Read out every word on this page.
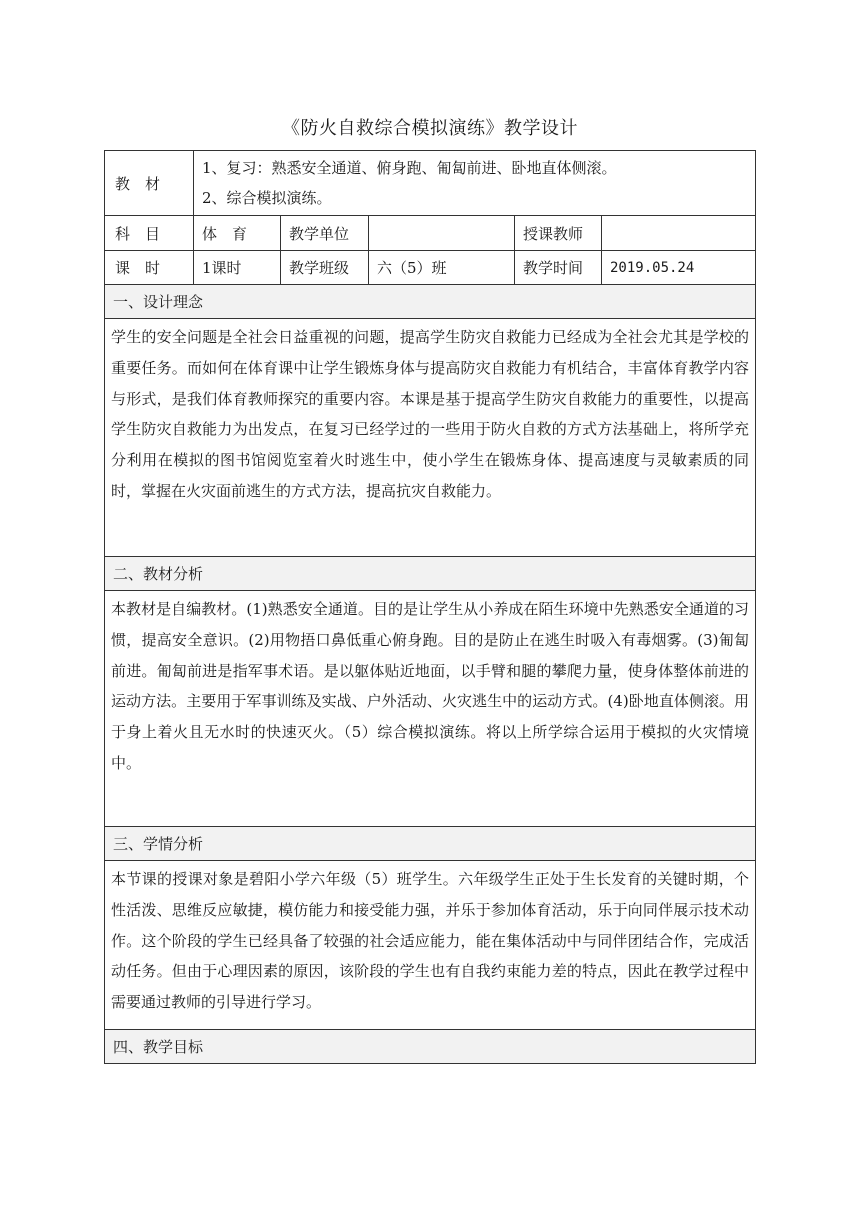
《防火自救综合模拟演练》教学设计
教　材	1、复习：熟悉安全通道、俯身跑、匍匐前进、卧地直体侧滚。
2、综合模拟演练。				

科　目	体　育	教学单位		授课教师	
课　时	1课时	教学班级	六（5）班	教学时间	2019.05.24
一、设计理念					
学生的安全问题是全社会日益重视的问题，提高学生防灾自救能力已经成为全社会尤其是学校的重要任务。而如何在体育课中让学生锻炼身体与提高防灾自救能力有机结合，丰富体育教学内容与形式，是我们体育教师探究的重要内容。本课是基于提高学生防灾自救能力的重要性，以提高学生防灾自救能力为出发点，在复习已经学过的一些用于防火自救的方式方法基础上，将所学充分利用在模拟的图书馆阅览室着火时逃生中，使小学生在锻炼身体、提高速度与灵敏素质的同时，掌握在火灾面前逃生的方式方法，提高抗灾自救能力。					
二、教材分析					
本教材是自编教材。(1)熟悉安全通道。目的是让学生从小养成在陌生环境中先熟悉安全通道的习惯，提高安全意识。(2)用物捂口鼻低重心俯身跑。目的是防止在逃生时吸入有毒烟雾。(3)匍匐前进。匍匐前进是指军事术语。是以躯体贴近地面，以手臂和腿的攀爬力量，使身体整体前进的运动方法。主要用于军事训练及实战、户外活动、火灾逃生中的运动方式。(4)卧地直体侧滚。用于身上着火且无水时的快速灭火。（5）综合模拟演练。将以上所学综合运用于模拟的火灾情境中。					
三、学情分析					
本节课的授课对象是碧阳小学六年级（5）班学生。六年级学生正处于生长发育的关键时期，个性活泼、思维反应敏捷，模仿能力和接受能力强，并乐于参加体育活动，乐于向同伴展示技术动作。这个阶段的学生已经具备了较强的社会适应能力，能在集体活动中与同伴团结合作，完成活动任务。但由于心理因素的原因，该阶段的学生也有自我约束能力差的特点，因此在教学过程中需要通过教师的引导进行学习。					
四、教学目标					
